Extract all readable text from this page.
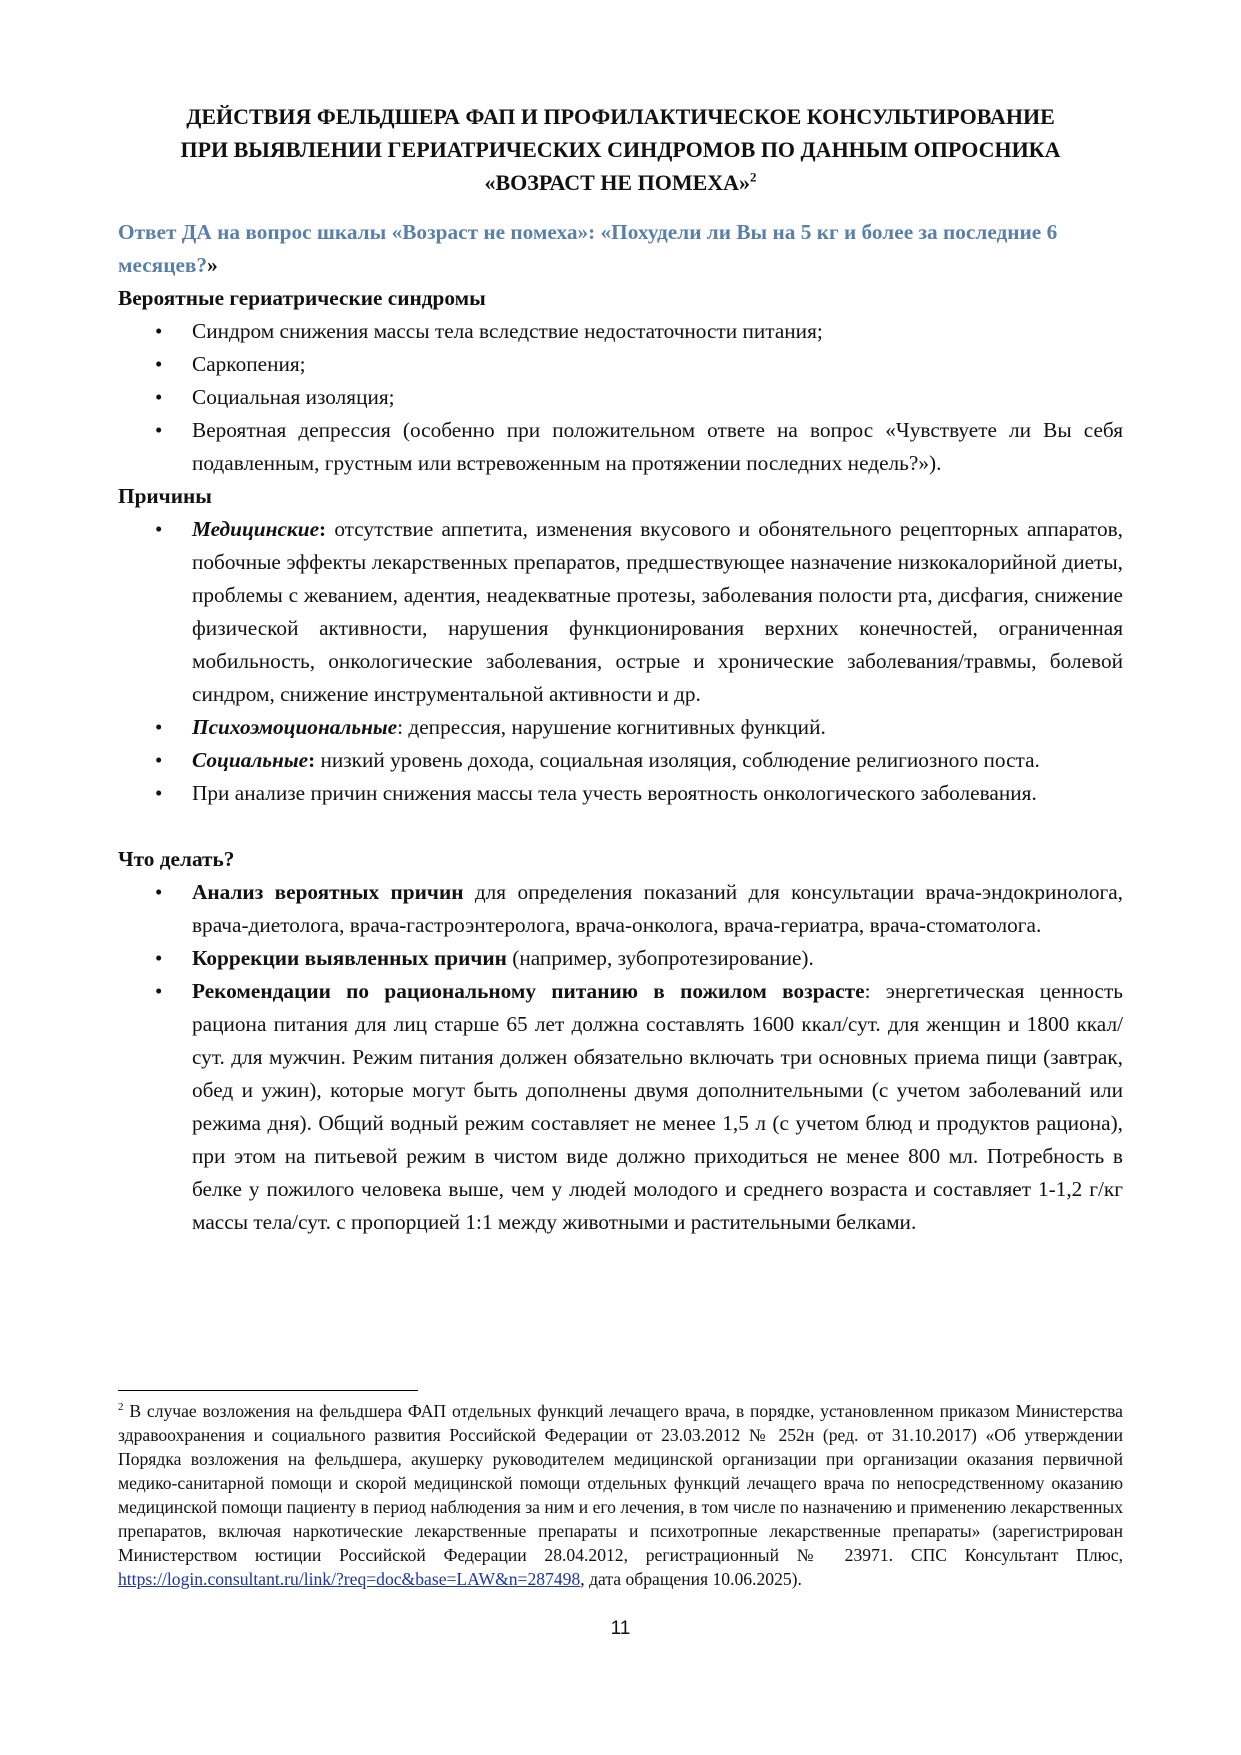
ДЕЙСТВИЯ ФЕЛЬДШЕРА ФАП И ПРОФИЛАКТИЧЕСКОЕ КОНСУЛЬТИРОВАНИЕ
ПРИ ВЫЯВЛЕНИИ ГЕРИАТРИЧЕСКИХ СИНДРОМОВ ПО ДАННЫМ ОПРОСНИКА
«ВОЗРАСТ НЕ ПОМЕХА»$^2$

Ответ ДА на вопрос шкалы «Возраст не помеха»: «Похудели ли Вы на 5 кг и более за последние 6 месяцев?»

Вероятные гериатрические синдромы

• Синдром снижения массы тела вследствие недостаточности питания;
• Саркопения;
• Социальная изоляция;
• Вероятная депрессия (особенно при положительном ответе на вопрос «Чувствуете ли Вы себя подавленным, грустным или встревоженным на протяжении последних недель?»).

Причины

• Медицинские: отсутствие аппетита, изменения вкусового и обонятельного рецепторных аппаратов, побочные эффекты лекарственных препаратов, предшествующее назначение низкокалорийной диеты, проблемы с жеванием, адентия, неадекватные протезы, заболевания полости рта, дисфагия, снижение физической активности, нарушения функционирования верхних конечностей, ограниченная мобильность, онкологические заболевания, острые и хронические заболевания/травмы, болевой синдром, снижение инструментальной активности и др.
• Психоэмоциональные: депрессия, нарушение когнитивных функций.
• Социальные: низкий уровень дохода, социальная изоляция, соблюдение религиозного поста.
• При анализе причин снижения массы тела учесть вероятность онкологического заболевания.

Что делать?

• Анализ вероятных причин для определения показаний для консультации врача-эндокринолога, врача-диетолога, врача-гастроэнтеролога, врача-онколога, врача-гериатра, врача-стоматолога.
• Коррекции выявленных причин (например, зубопротезирование).
• Рекомендации по рациональному питанию в пожилом возрасте: энергетическая ценность рациона питания для лиц старше 65 лет должна составлять 1600 ккал/сут. для женщин и 1800 ккал/сут. для мужчин. Режим питания должен обязательно включать три основных приема пищи (завтрак, обед и ужин), которые могут быть дополнены двумя дополнительными (с учетом заболеваний или режима дня). Общий водный режим составляет не менее 1,5 л (с учетом блюд и продуктов рациона), при этом на питьевой режим в чистом виде должно приходиться не менее 800 мл. Потребность в белке у пожилого человека выше, чем у людей молодого и среднего возраста и составляет 1-1,2 г/кг массы тела/сут. с пропорцией 1:1 между животными и растительными белками.
$^2$ В случае возложения на фельдшера ФАП отдельных функций лечащего врача, в порядке, установленном приказом Министерства здравоохранения и социального развития Российской Федерации от 23.03.2012 № 252н (ред. от 31.10.2017) «Об утверждении Порядка возложения на фельдшера, акушерку руководителем медицинской организации при организации оказания первичной медико-санитарной помощи и скорой медицинской помощи отдельных функций лечащего врача по непосредственному оказанию медицинской помощи пациенту в период наблюдения за ним и его лечения, в том числе по назначению и применению лекарственных препаратов, включая наркотические лекарственные препараты и психотропные лекарственные препараты» (зарегистрирован Министерством юстиции Российской Федерации 28.04.2012, регистрационный № 23971. СПС Консультант Плюс, https://login.consultant.ru/link/?req=doc&base=LAW&n=287498, дата обращения 10.06.2025).
11
